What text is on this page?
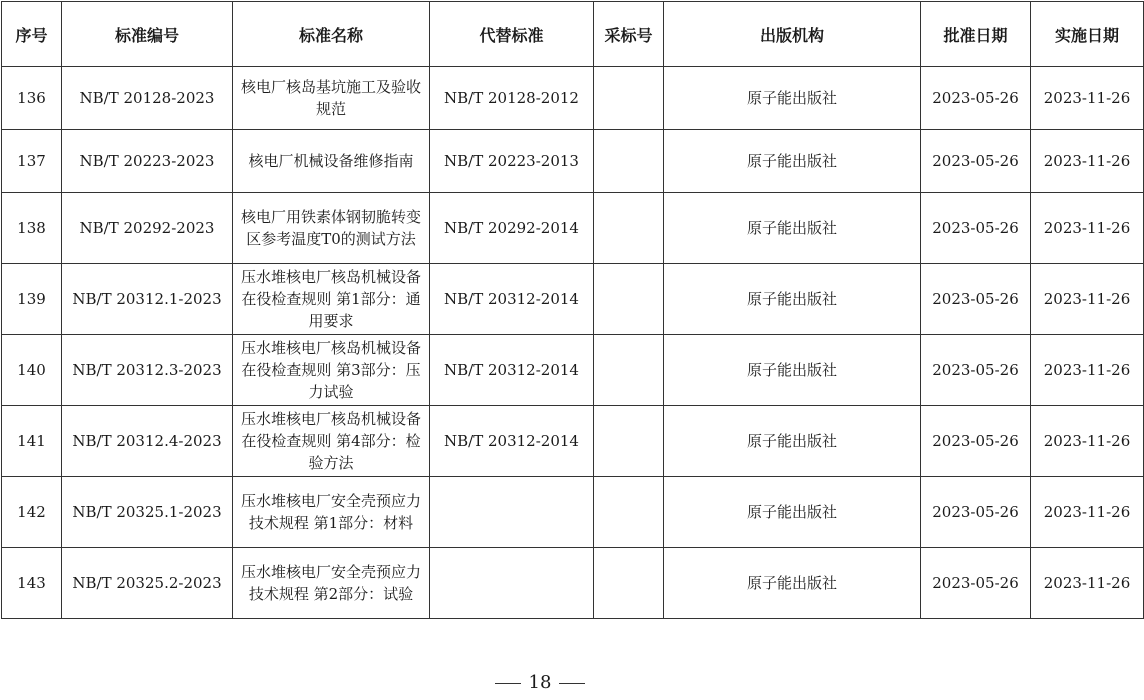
序号	标准编号	标准名称	代替标准	采标号	出版机构	批准日期	实施日期
136	NB/T 20128-2023	核电厂核岛基坑施工及验收规范	NB/T 20128-2012		原子能出版社	2023-05-26	2023-11-26
137	NB/T 20223-2023	核电厂机械设备维修指南	NB/T 20223-2013		原子能出版社	2023-05-26	2023-11-26
138	NB/T 20292-2023	核电厂用铁素体钢韧脆转变区参考温度T0的测试方法	NB/T 20292-2014		原子能出版社	2023-05-26	2023-11-26
139	NB/T 20312.1-2023	压水堆核电厂核岛机械设备在役检查规则 第1部分：通用要求	NB/T 20312-2014		原子能出版社	2023-05-26	2023-11-26
140	NB/T 20312.3-2023	压水堆核电厂核岛机械设备在役检查规则 第3部分：压力试验	NB/T 20312-2014		原子能出版社	2023-05-26	2023-11-26
141	NB/T 20312.4-2023	压水堆核电厂核岛机械设备在役检查规则 第4部分：检验方法	NB/T 20312-2014		原子能出版社	2023-05-26	2023-11-26
142	NB/T 20325.1-2023	压水堆核电厂安全壳预应力技术规程 第1部分：材料			原子能出版社	2023-05-26	2023-11-26
143	NB/T 20325.2-2023	压水堆核电厂安全壳预应力技术规程 第2部分：试验			原子能出版社	2023-05-26	2023-11-26
18
